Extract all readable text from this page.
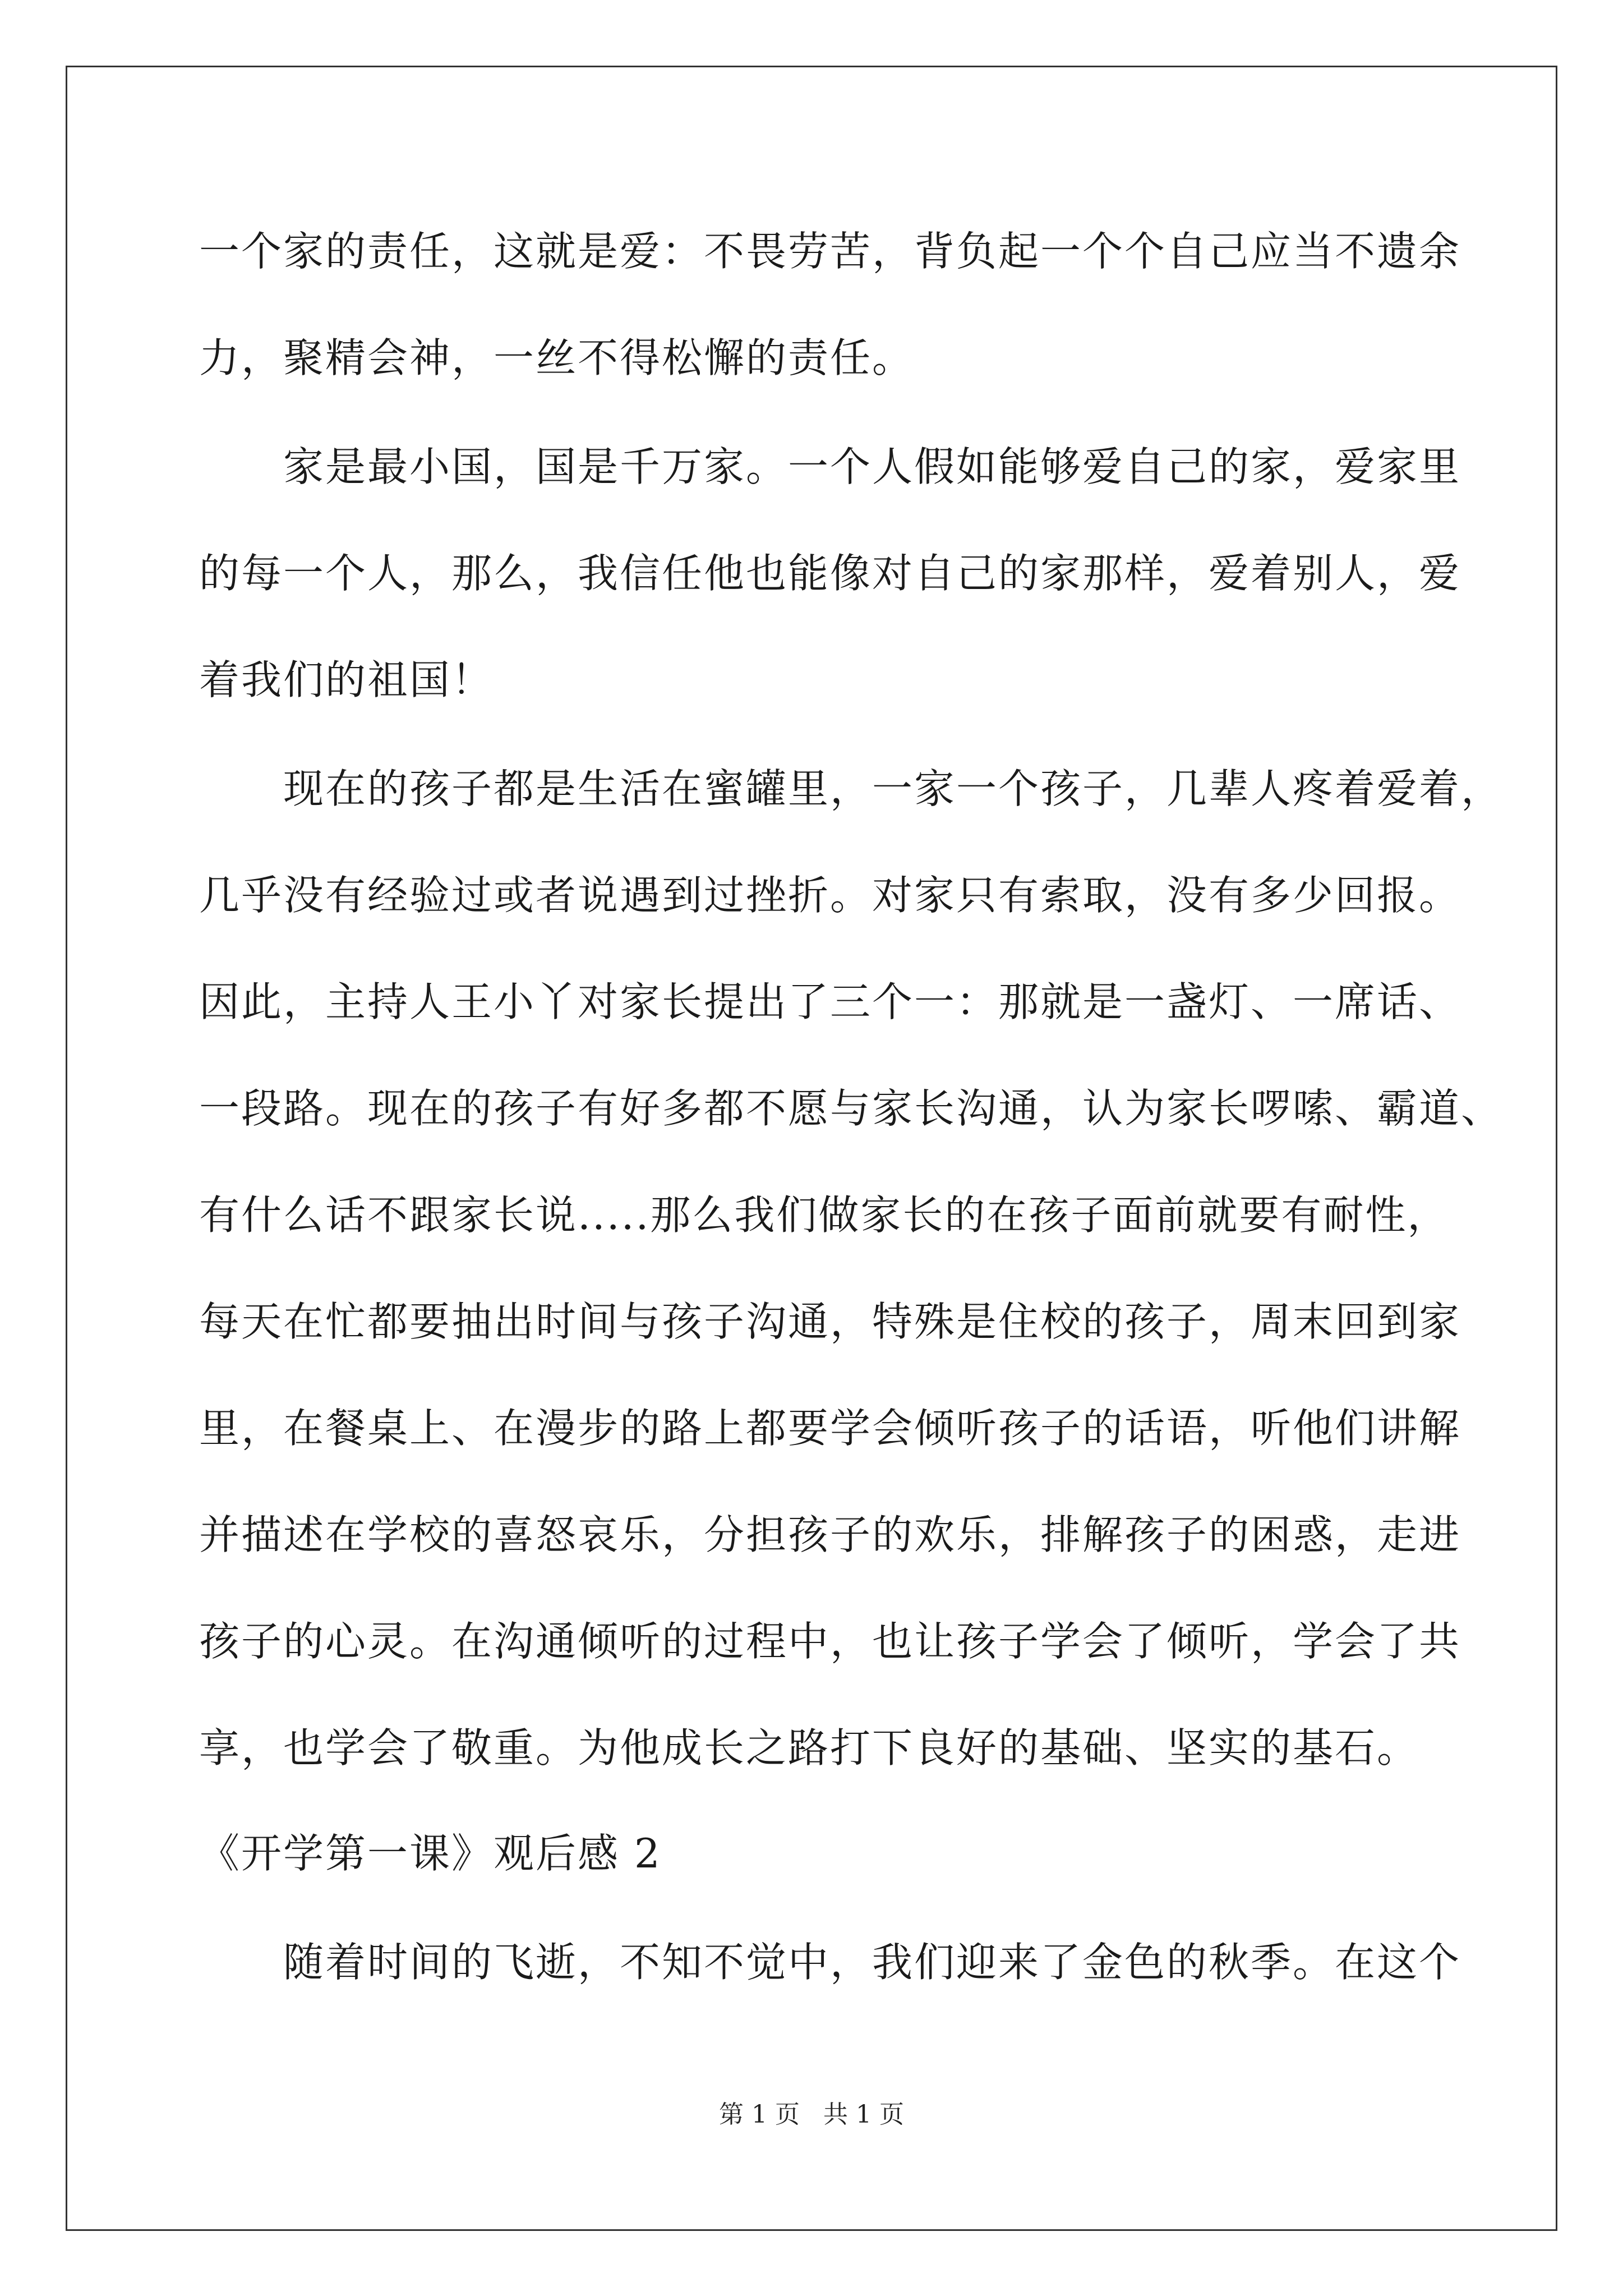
一个家的责任，这就是爱：不畏劳苦，背负起一个个自己应当不遗余
力，聚精会神，一丝不得松懈的责任。
家是最小国，国是千万家。一个人假如能够爱自己的家，爱家里
的每一个人，那么，我信任他也能像对自己的家那样，爱着别人，爱
着我们的祖国！
现在的孩子都是生活在蜜罐里，一家一个孩子，几辈人疼着爱着，
几乎没有经验过或者说遇到过挫折。对家只有索取，没有多少回报。
因此，主持人王小丫对家长提出了三个一：那就是一盏灯、一席话、
一段路。现在的孩子有好多都不愿与家长沟通，认为家长啰嗦、霸道、
有什么话不跟家长说.....那么我们做家长的在孩子面前就要有耐性，
每天在忙都要抽出时间与孩子沟通，特殊是住校的孩子，周末回到家
里，在餐桌上、在漫步的路上都要学会倾听孩子的话语，听他们讲解
并描述在学校的喜怒哀乐，分担孩子的欢乐，排解孩子的困惑，走进
孩子的心灵。在沟通倾听的过程中，也让孩子学会了倾听，学会了共
享，也学会了敬重。为他成长之路打下良好的基础、坚实的基石。
《开学第一课》观后感 2
随着时间的飞逝，不知不觉中，我们迎来了金色的秋季。在这个
第 1 页 共 1 页
